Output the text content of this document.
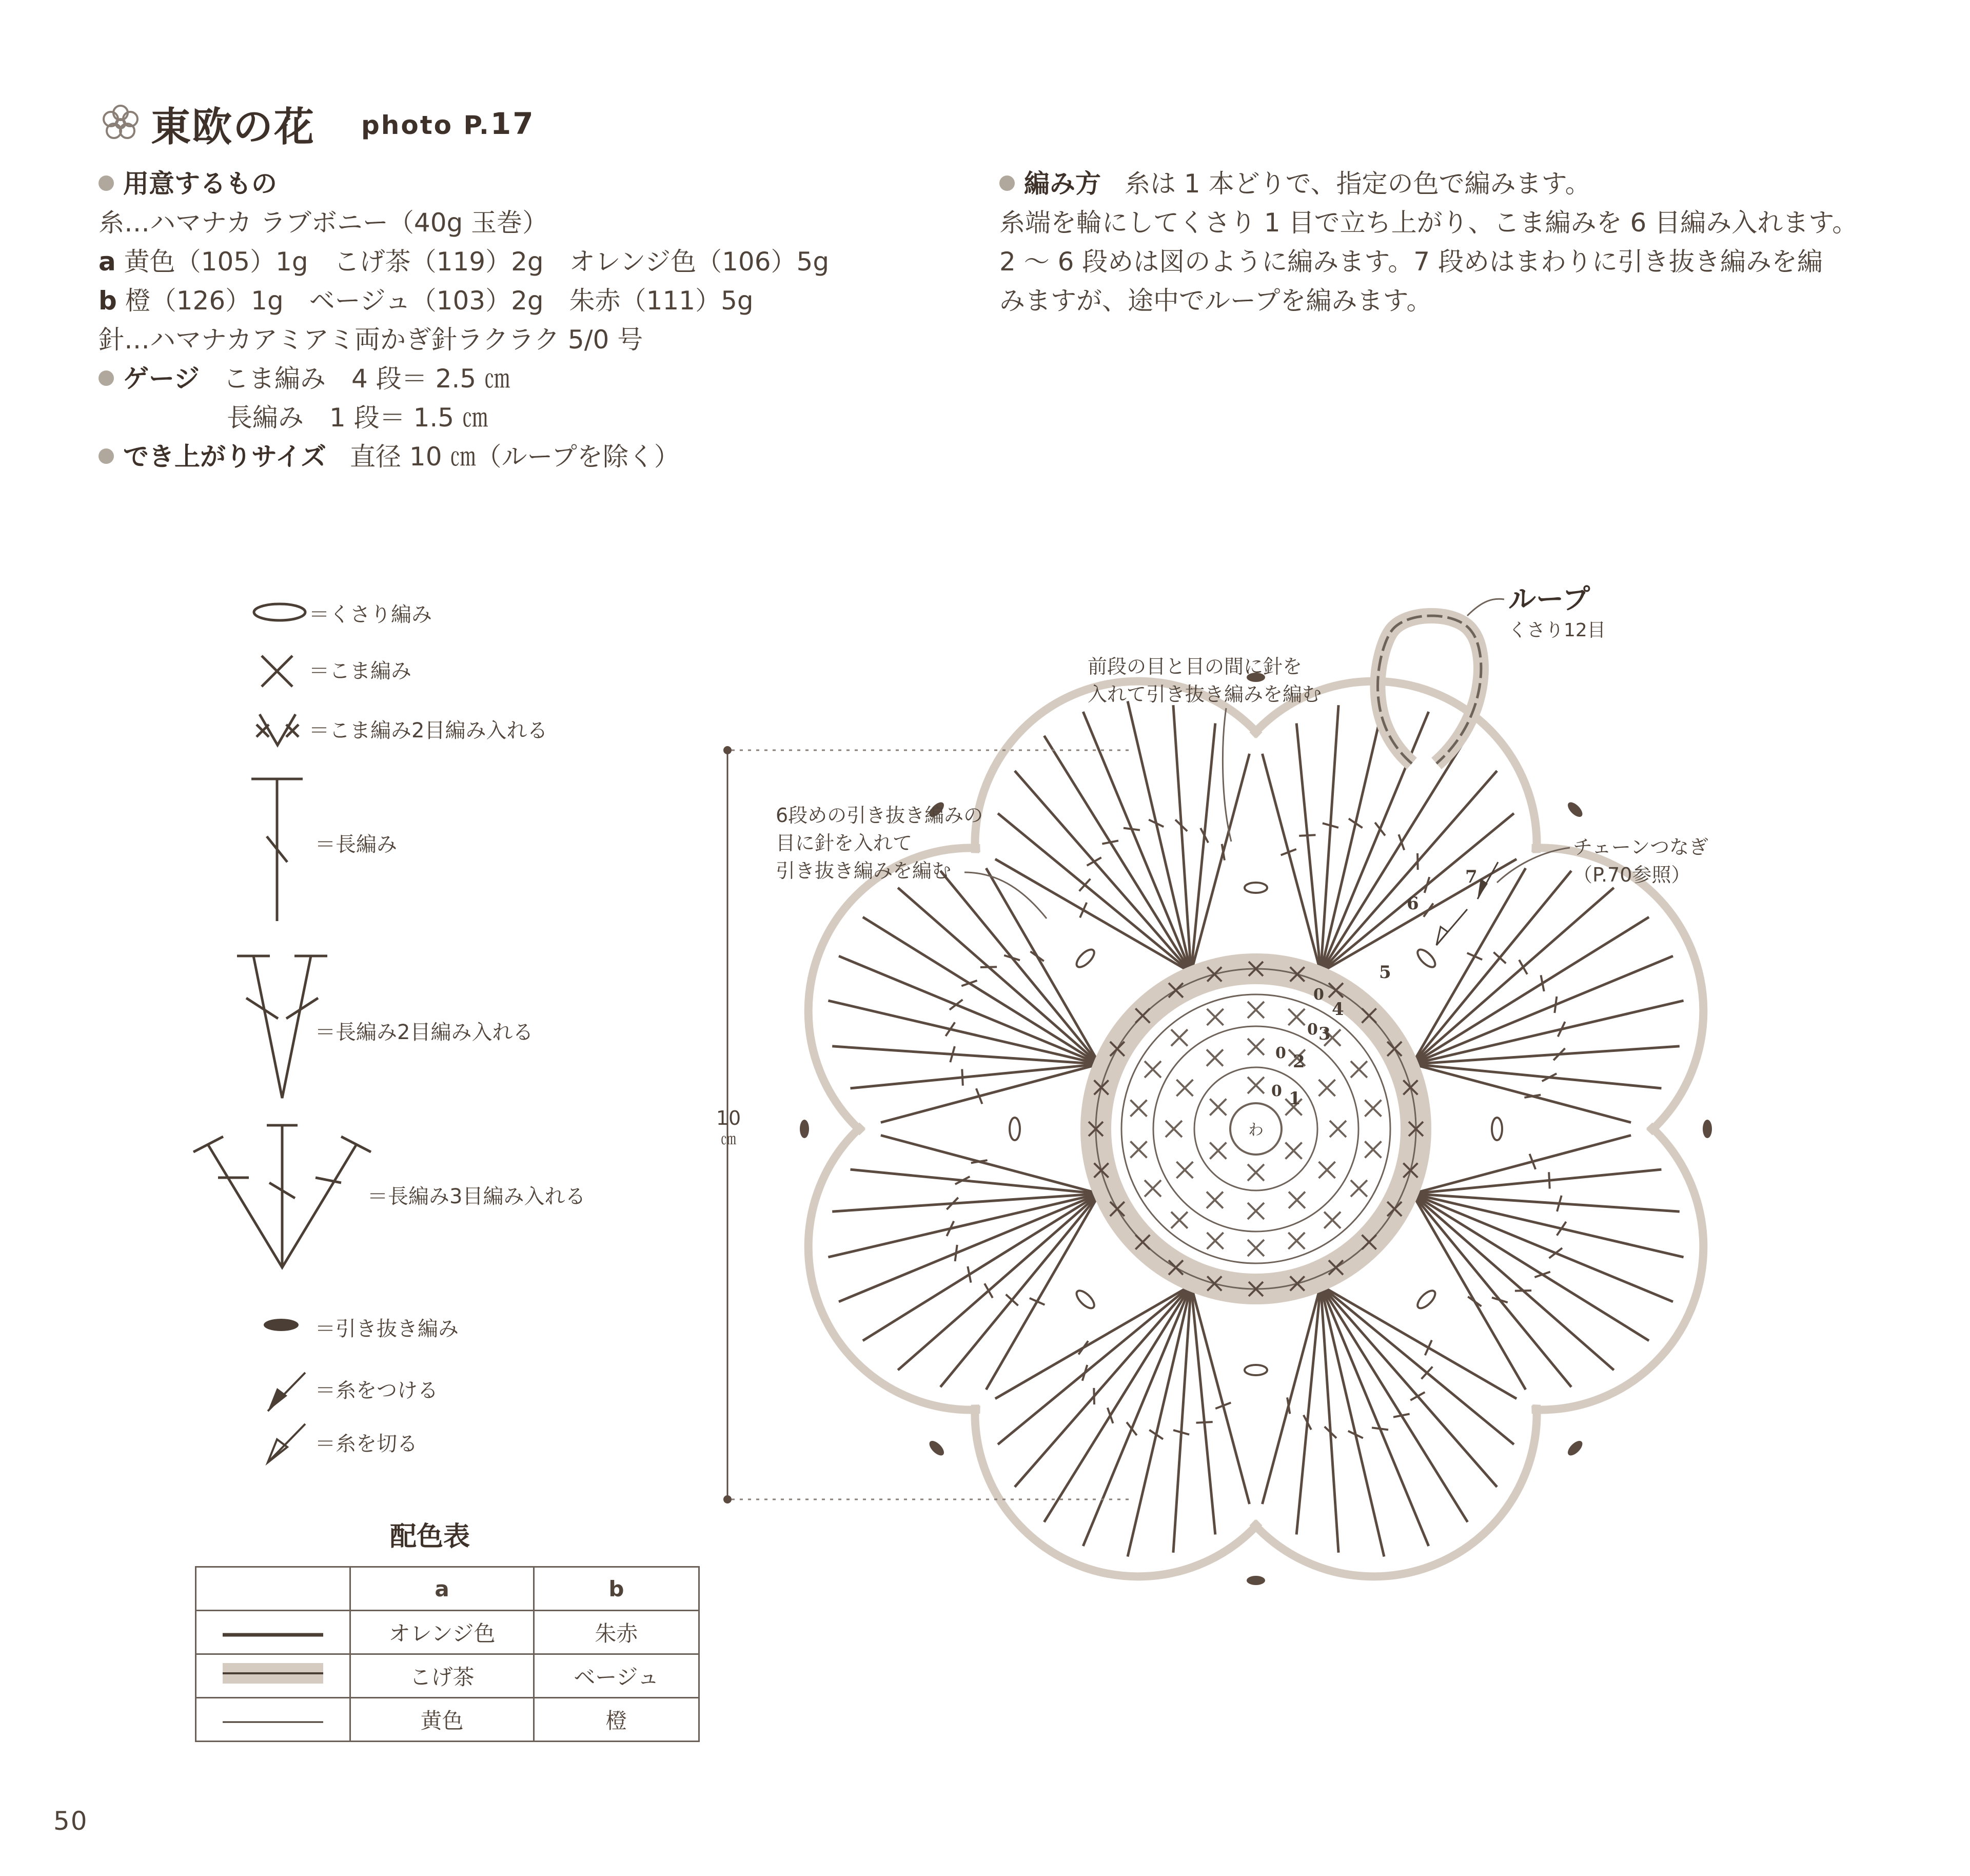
東欧の花 photo P.17
用意するもの
糸…ハマナカ ラブボニー（40g 玉巻）
a 黄色（105）1g　こげ茶（119）2g　オレンジ色（106）5g
b 橙（126）1g　ベージュ（103）2g　朱赤（111）5g
針…ハマナカアミアミ両かぎ針ラクラク 5/0 号
ゲージ こま編み　4 段＝ 2.5 ㎝
長編み　1 段＝ 1.5 ㎝
でき上がりサイズ 直径 10 ㎝（ループを除く）
編み方 糸は 1 本どりで、指定の色で編みます。
糸端を輪にしてくさり 1 目で立ち上がり、こま編みを 6 目編み入れます。
2 〜 6 段めは図のように編みます。7 段めはまわりに引き抜き編みを編
みますが、途中でループを編みます。
＝くさり編み
＝こま編み
＝こま編み2目編み入れる
＝長編み
＝長編み2目編み入れる
＝長編み3目編み入れる
＝引き抜き編み
＝糸をつける
＝糸を切る
配色表
	a	b
	オレンジ色	朱赤
	こげ茶	ベージュ
	黄色	橙
50
10
㎝
わ
ループ
くさり12目
前段の目と目の間に針を
入れて引き抜き編みを編む
6段めの引き抜き編みの
目に針を入れて
引き抜き編みを編む
チェーンつなぎ
（P.70参照）
1
2
3
4
5
6
7
0
0
0
0
